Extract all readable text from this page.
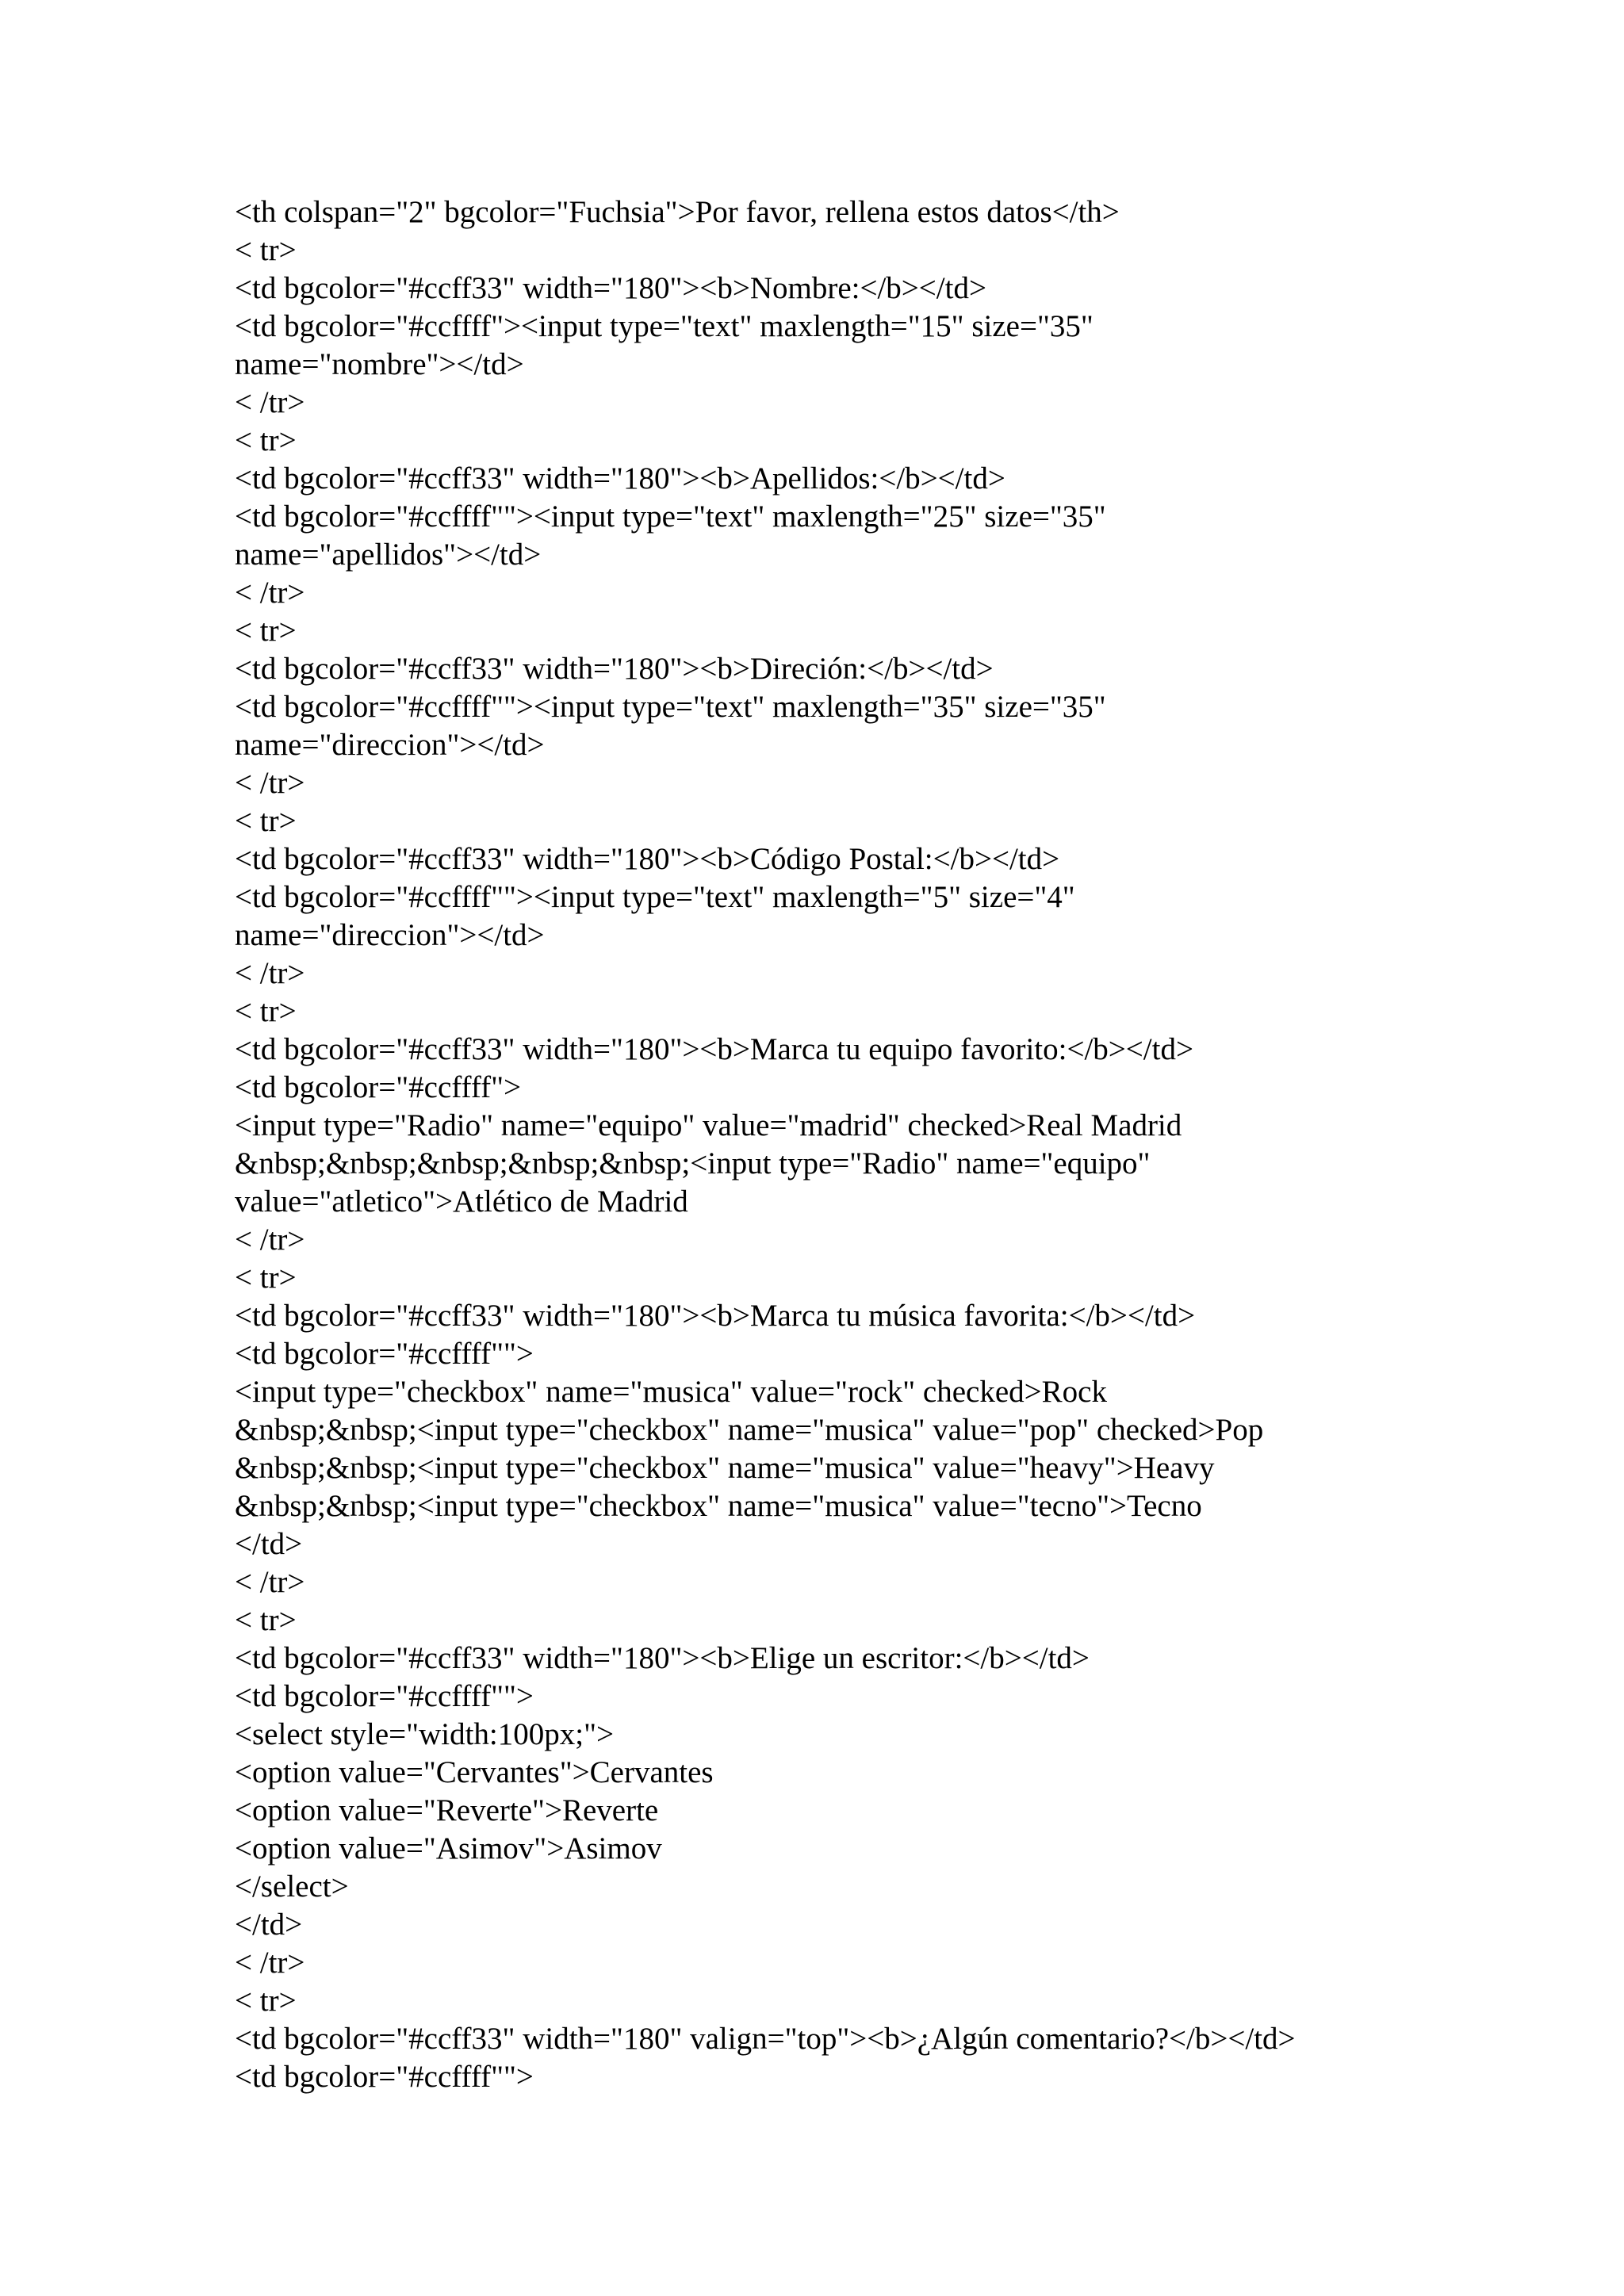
<th colspan="2" bgcolor="Fuchsia">Por favor, rellena estos datos</th>
< tr>
<td bgcolor="#ccff33" width="180"><b>Nombre:</b></td>
<td bgcolor="#ccffff"><input type="text" maxlength="15" size="35"
name="nombre"></td>
< /tr>
< tr>
<td bgcolor="#ccff33" width="180"><b>Apellidos:</b></td>
<td bgcolor="#ccffff""><input type="text" maxlength="25" size="35"
name="apellidos"></td>
< /tr>
< tr>
<td bgcolor="#ccff33" width="180"><b>Direción:</b></td>
<td bgcolor="#ccffff""><input type="text" maxlength="35" size="35"
name="direccion"></td>
< /tr>
< tr>
<td bgcolor="#ccff33" width="180"><b>Código Postal:</b></td>
<td bgcolor="#ccffff""><input type="text" maxlength="5" size="4"
name="direccion"></td>
< /tr>
< tr>
<td bgcolor="#ccff33" width="180"><b>Marca tu equipo favorito:</b></td>
<td bgcolor="#ccffff">
<input type="Radio" name="equipo" value="madrid" checked>Real Madrid
&nbsp;&nbsp;&nbsp;&nbsp;&nbsp;<input type="Radio" name="equipo"
value="atletico">Atlético de Madrid
< /tr>
< tr>
<td bgcolor="#ccff33" width="180"><b>Marca tu música favorita:</b></td>
<td bgcolor="#ccffff"">
<input type="checkbox" name="musica" value="rock" checked>Rock
&nbsp;&nbsp;<input type="checkbox" name="musica" value="pop" checked>Pop
&nbsp;&nbsp;<input type="checkbox" name="musica" value="heavy">Heavy
&nbsp;&nbsp;<input type="checkbox" name="musica" value="tecno">Tecno
</td>
< /tr>
< tr>
<td bgcolor="#ccff33" width="180"><b>Elige un escritor:</b></td>
<td bgcolor="#ccffff"">
<select style="width:100px;">
<option value="Cervantes">Cervantes
<option value="Reverte">Reverte
<option value="Asimov">Asimov
</select>
</td>
< /tr>
< tr>
<td bgcolor="#ccff33" width="180" valign="top"><b>¿Algún comentario?</b></td>
<td bgcolor="#ccffff"">
